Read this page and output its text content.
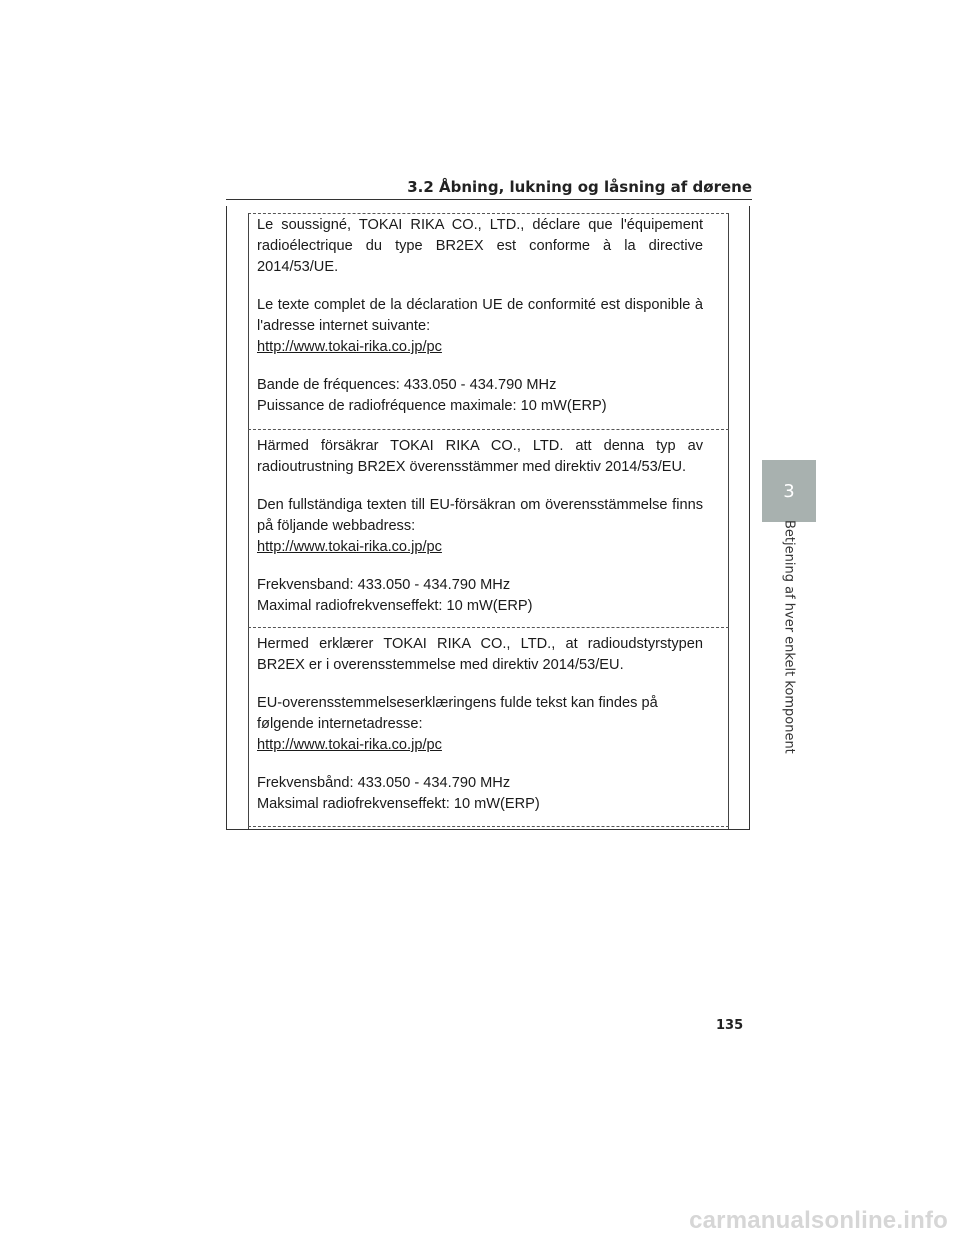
3.2 Åbning, lukning og låsning af dørene

Le soussigné, TOKAI RIKA CO., LTD., déclare que l'équipement radioélectrique du type BR2EX est conforme à la directive 2014/53/UE.

Le texte complet de la déclaration UE de conformité est disponible à l'adresse internet suivante:

http://www.tokai-rika.co.jp/pc

Bande de fréquences: 433.050 - 434.790 MHz

Puissance de radiofréquence maximale: 10 mW(ERP)

Härmed försäkrar TOKAI RIKA CO., LTD. att denna typ av radioutrustning BR2EX överensstämmer med direktiv 2014/53/EU.

Den fullständiga texten till EU-försäkran om överensstämmelse finns på följande webbadress:

http://www.tokai-rika.co.jp/pc

Frekvensband: 433.050 - 434.790 MHz

Maximal radiofrekvenseffekt: 10 mW(ERP)

Hermed erklærer TOKAI RIKA CO., LTD., at radioudstyrstypen BR2EX er i overensstemmelse med direktiv 2014/53/EU.

EU-overensstemmelseserklæringens fulde tekst kan findes på

følgende internetadresse:

http://www.tokai-rika.co.jp/pc

Frekvensbånd: 433.050 - 434.790 MHz

Maksimal radiofrekvenseffekt: 10 mW(ERP)

3
Betjening af hver enkelt komponent
135
carmanualsonline.info
